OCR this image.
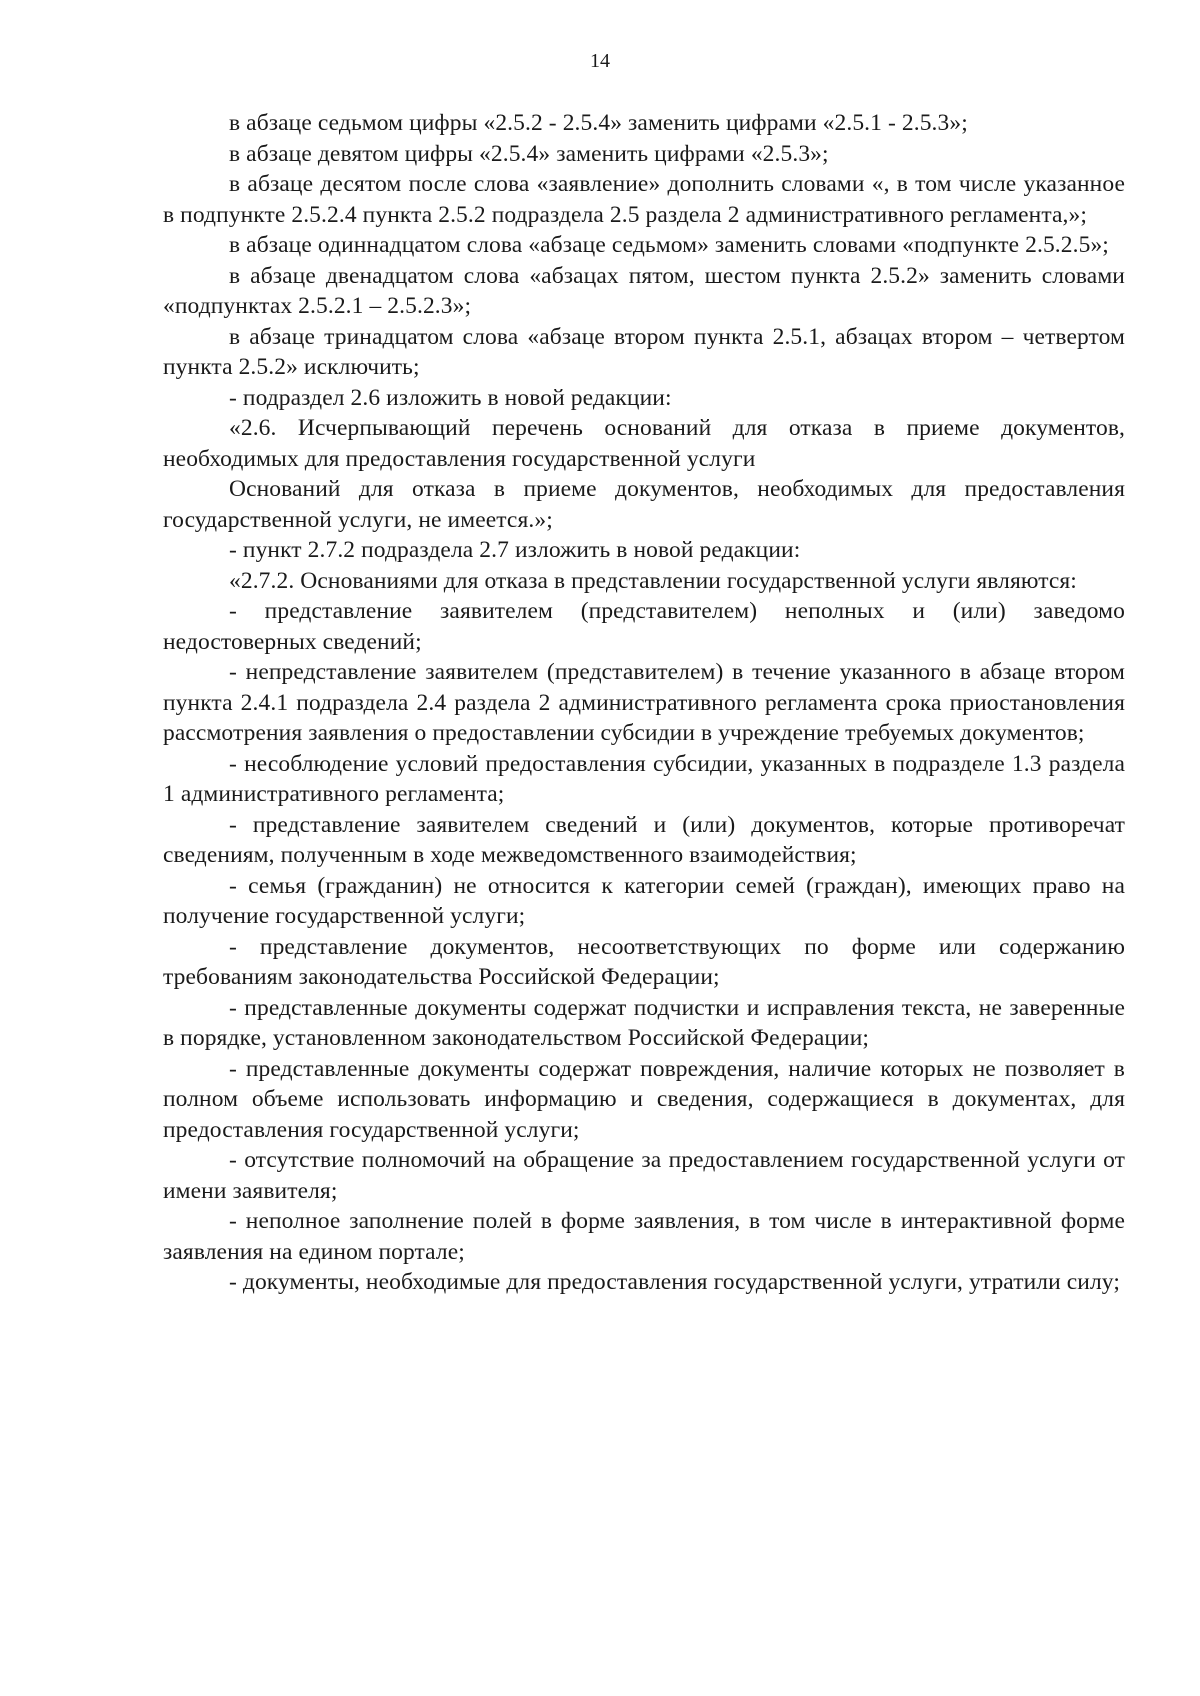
14

в абзаце седьмом цифры «2.5.2 - 2.5.4» заменить цифрами «2.5.1 - 2.5.3»;

в абзаце девятом цифры «2.5.4» заменить цифрами «2.5.3»;

в абзаце десятом после слова «заявление» дополнить словами «, в том числе указанное в подпункте 2.5.2.4 пункта 2.5.2 подраздела 2.5 раздела 2 административного регламента,»;

в абзаце одиннадцатом слова «абзаце седьмом» заменить словами «подпункте 2.5.2.5»;

в абзаце двенадцатом слова «абзацах пятом, шестом пункта 2.5.2» заменить словами «подпунктах 2.5.2.1 – 2.5.2.3»;

в абзаце тринадцатом слова «абзаце втором пункта 2.5.1, абзацах втором – четвертом пункта 2.5.2» исключить;

- подраздел 2.6 изложить в новой редакции:

«2.6. Исчерпывающий перечень оснований для отказа в приеме документов, необходимых для предоставления государственной услуги

Оснований для отказа в приеме документов, необходимых для предоставления государственной услуги, не имеется.»;

- пункт 2.7.2 подраздела 2.7 изложить в новой редакции:

«2.7.2. Основаниями для отказа в представлении государственной услуги являются:

- представление заявителем (представителем) неполных и (или) заведомо недостоверных сведений;

- непредставление заявителем (представителем) в течение указанного в абзаце втором пункта 2.4.1 подраздела 2.4 раздела 2 административного регламента срока приостановления рассмотрения заявления о предоставлении субсидии в учреждение требуемых документов;

- несоблюдение условий предоставления субсидии, указанных в подразделе 1.3 раздела 1 административного регламента;

- представление заявителем сведений и (или) документов, которые противоречат сведениям, полученным в ходе межведомственного взаимодействия;

- семья (гражданин) не относится к категории семей (граждан), имеющих право на получение государственной услуги;

- представление документов, несоответствующих по форме или содержанию требованиям законодательства Российской Федерации;

- представленные документы содержат подчистки и исправления текста, не заверенные в порядке, установленном законодательством Российской Федерации;

- представленные документы содержат повреждения, наличие которых не позволяет в полном объеме использовать информацию и сведения, содержащиеся в документах, для предоставления государственной услуги;

- отсутствие полномочий на обращение за предоставлением государственной услуги от имени заявителя;

- неполное заполнение полей в форме заявления, в том числе в интерактивной форме заявления на едином портале;

- документы, необходимые для предоставления государственной услуги, утратили силу;
